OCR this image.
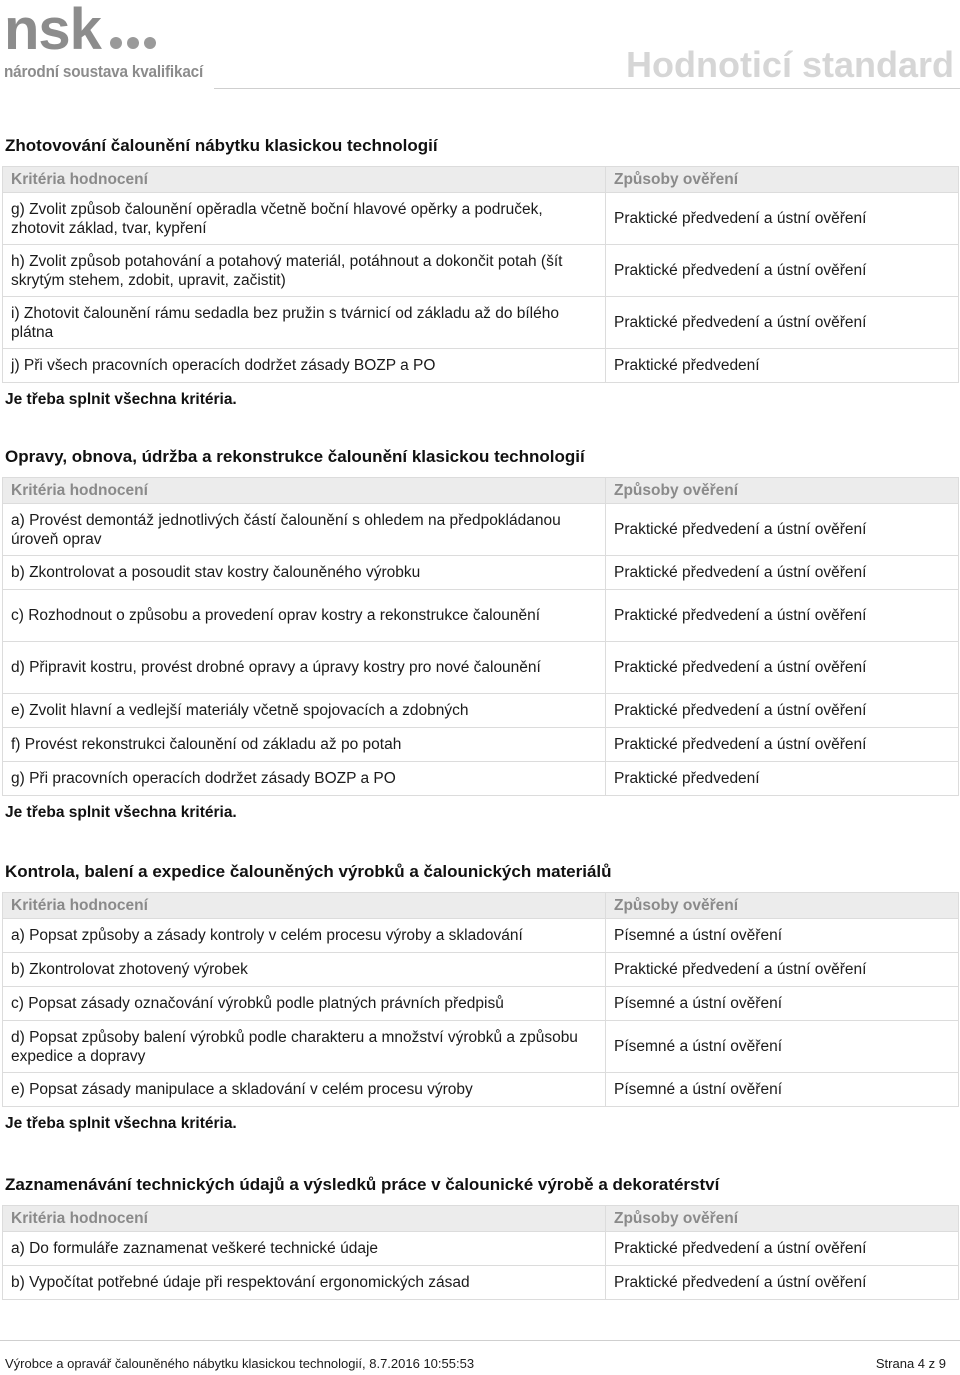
nsk
národní soustava kvalifikací	Hodnoticí standard
Zhotovování čalounění nábytku klasickou technologií
Kritéria hodnocení	Způsoby ověření
g) Zvolit způsob čalounění opěradla včetně boční hlavové opěrky a područek, zhotovit základ, tvar, kypření	Praktické předvedení a ústní ověření
h) Zvolit způsob potahování a potahový materiál, potáhnout a dokončit potah (šít skrytým stehem, zdobit, upravit, začistit)	Praktické předvedení a ústní ověření
i) Zhotovit čalounění rámu sedadla bez pružin s tvárnicí od základu až do bílého plátna	Praktické předvedení a ústní ověření
j) Při všech pracovních operacích dodržet zásady BOZP a PO	Praktické předvedení
Je třeba splnit všechna kritéria.
Opravy, obnova, údržba a rekonstrukce čalounění klasickou technologií
Kritéria hodnocení	Způsoby ověření
a) Provést demontáž jednotlivých částí čalounění s ohledem na předpokládanou úroveň oprav	Praktické předvedení a ústní ověření
b) Zkontrolovat a posoudit stav kostry čalouněného výrobku	Praktické předvedení a ústní ověření
c) Rozhodnout o způsobu a provedení oprav kostry a rekonstrukce čalounění	Praktické předvedení a ústní ověření
d) Připravit kostru, provést drobné opravy a úpravy kostry pro nové čalounění	Praktické předvedení a ústní ověření
e) Zvolit hlavní a vedlejší materiály včetně spojovacích a zdobných	Praktické předvedení a ústní ověření
f) Provést rekonstrukci čalounění od základu až po potah	Praktické předvedení a ústní ověření
g) Při pracovních operacích dodržet zásady BOZP a PO	Praktické předvedení
Je třeba splnit všechna kritéria.
Kontrola, balení a expedice čalouněných výrobků a čalounických materiálů
Kritéria hodnocení	Způsoby ověření
a) Popsat způsoby a zásady kontroly v celém procesu výroby a skladování	Písemné a ústní ověření
b) Zkontrolovat zhotovený výrobek	Praktické předvedení a ústní ověření
c) Popsat zásady označování výrobků podle platných právních předpisů	Písemné a ústní ověření
d) Popsat způsoby balení výrobků podle charakteru a množství výrobků a způsobu expedice a dopravy	Písemné a ústní ověření
e) Popsat zásady manipulace a skladování v celém procesu výroby	Písemné a ústní ověření
Je třeba splnit všechna kritéria.
Zaznamenávání technických údajů a výsledků práce v čalounické výrobě a dekoratérství
Kritéria hodnocení	Způsoby ověření
a) Do formuláře zaznamenat veškeré technické údaje	Praktické předvedení a ústní ověření
b) Vypočítat potřebné údaje při respektování ergonomických zásad	Praktické předvedení a ústní ověření
Výrobce a opravář čalouněného nábytku klasickou technologií, 8.7.2016 10:55:53	Strana 4 z 9
